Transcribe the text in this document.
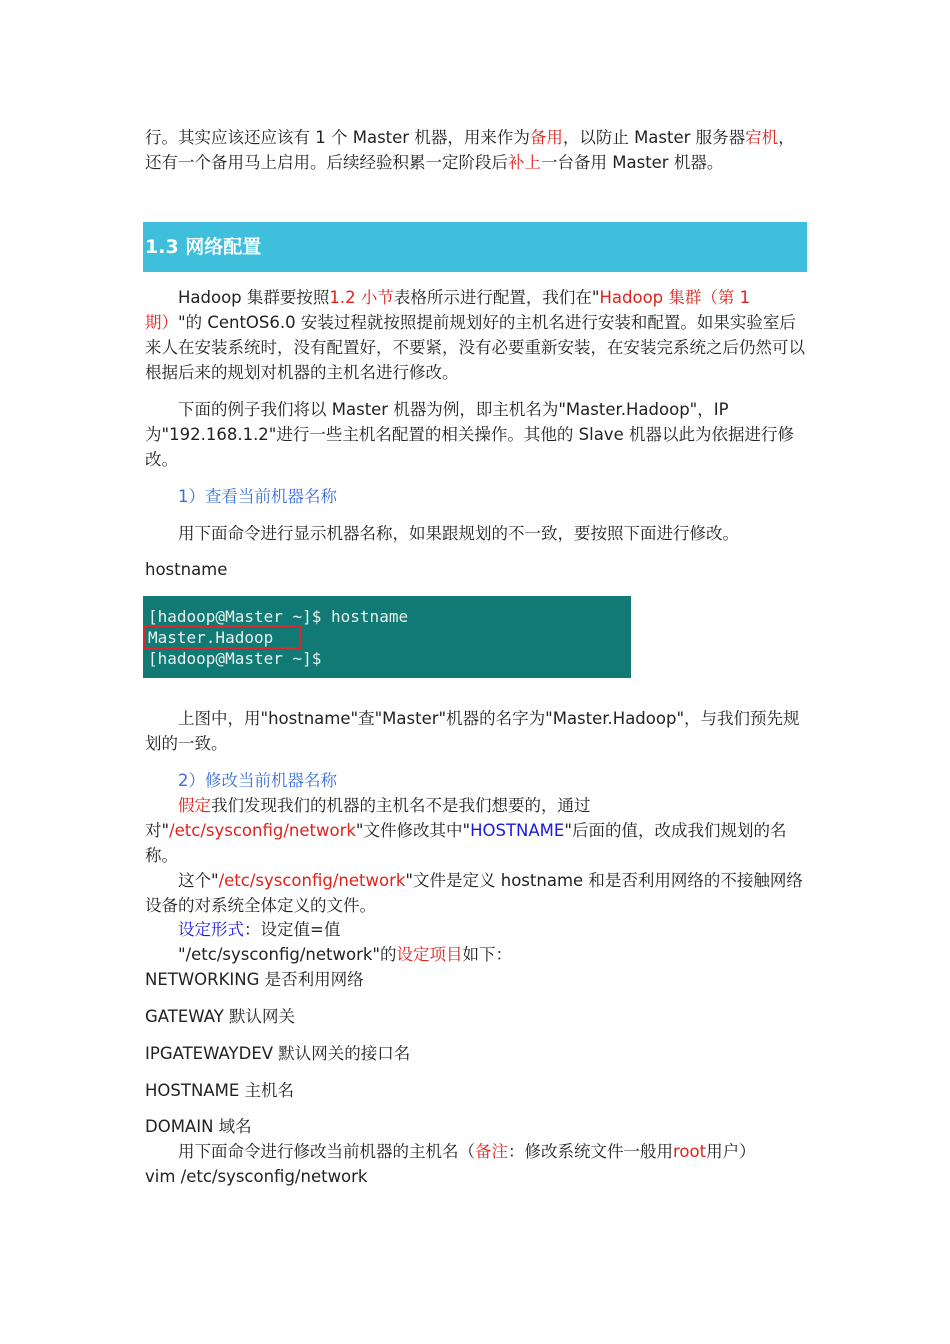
行。其实应该还应该有 1 个 Master 机器，用来作为备用，以防止 Master 服务器宕机，还有一个备用马上启用。后续经验积累一定阶段后补上一台备用 Master 机器。

1.3 网络配置

Hadoop 集群要按照1.2 小节表格所示进行配置，我们在"Hadoop 集群（第 1 期）"的 CentOS6.0 安装过程就按照提前规划好的主机名进行安装和配置。如果实验室后来人在安装系统时，没有配置好，不要紧，没有必要重新安装，在安装完系统之后仍然可以根据后来的规划对机器的主机名进行修改。

下面的例子我们将以 Master 机器为例，即主机名为"Master.Hadoop"，IP 为"192.168.1.2"进行一些主机名配置的相关操作。其他的 Slave 机器以此为依据进行修改。

1）查看当前机器名称

用下面命令进行显示机器名称，如果跟规划的不一致，要按照下面进行修改。

hostname

[hadoop@Master ~]$ hostname
Master.Hadoop
[hadoop@Master ~]$

上图中，用"hostname"查"Master"机器的名字为"Master.Hadoop"，与我们预先规划的一致。

2）修改当前机器名称

假定我们发现我们的机器的主机名不是我们想要的，通过对"/etc/sysconfig/network"文件修改其中"HOSTNAME"后面的值，改成我们规划的名称。

这个"/etc/sysconfig/network"文件是定义 hostname 和是否利用网络的不接触网络设备的对系统全体定义的文件。

设定形式：设定值=值

"/etc/sysconfig/network"的设定项目如下：

NETWORKING 是否利用网络

GATEWAY 默认网关

IPGATEWAYDEV 默认网关的接口名

HOSTNAME 主机名

DOMAIN 域名

用下面命令进行修改当前机器的主机名（备注：修改系统文件一般用root用户）

vim /etc/sysconfig/network
